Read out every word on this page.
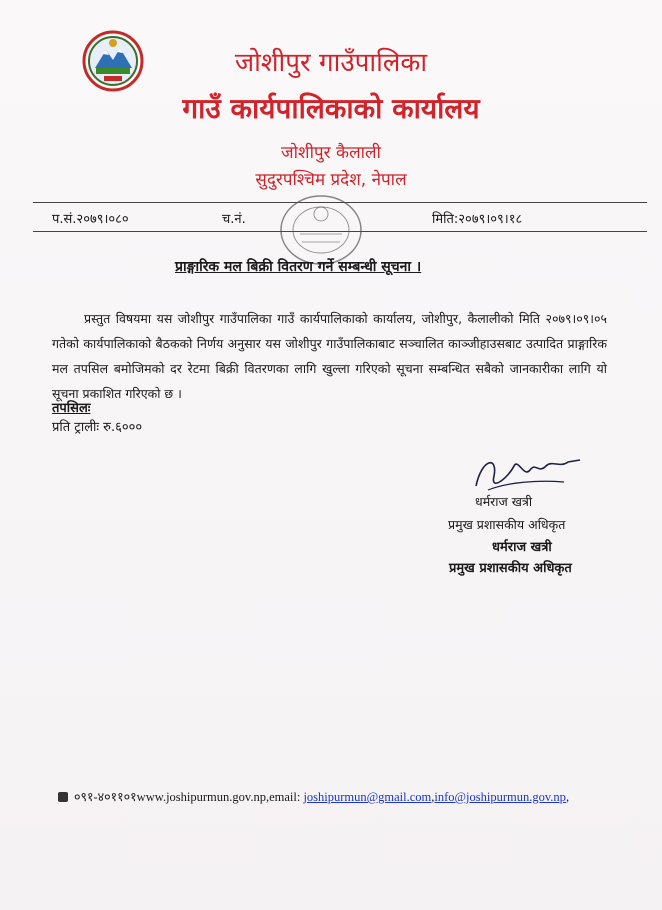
जोशीपुर गाउँपालिका
गाउँ कार्यपालिकाको कार्यालय
जोशीपुर कैलाली
सुदुरपश्चिम प्रदेश, नेपाल
प.सं.२०७९।०८०	च.नं.	मिति:२०७९।०९।१८
प्राङ्गारिक मल बिक्री वितरण गर्ने सम्बन्धी सूचना ।
प्रस्तुत विषयमा यस जोशीपुर गाउँपालिका गाउँ कार्यपालिकाको कार्यालय, जोशीपुर, कैलालीको मिति २०७९।०९।०५ गतेको कार्यपालिकाको बैठकको निर्णय अनुसार यस जोशीपुर गाउँपालिकाबाट सञ्चालित काञ्जीहाउसबाट उत्पादित प्राङ्गारिक मल तपसिल बमोजिमको दर रेटमा बिक्री वितरणका लागि खुल्ला गरिएको सूचना सम्बन्धित सबैको जानकारीका लागि यो सूचना प्रकाशित गरिएको छ ।
तपसिलः
प्रति ट्रालीः रु.६०००
धर्मराज खत्री
प्रमुख प्रशासकीय अधिकृत
धर्मराज खत्री
प्रमुख प्रशासकीय अधिकृत
०९१-४०११०१www.joshipurmun.gov.np,email: joshipurmun@gmail.com,info@joshipurmun.gov.np,
